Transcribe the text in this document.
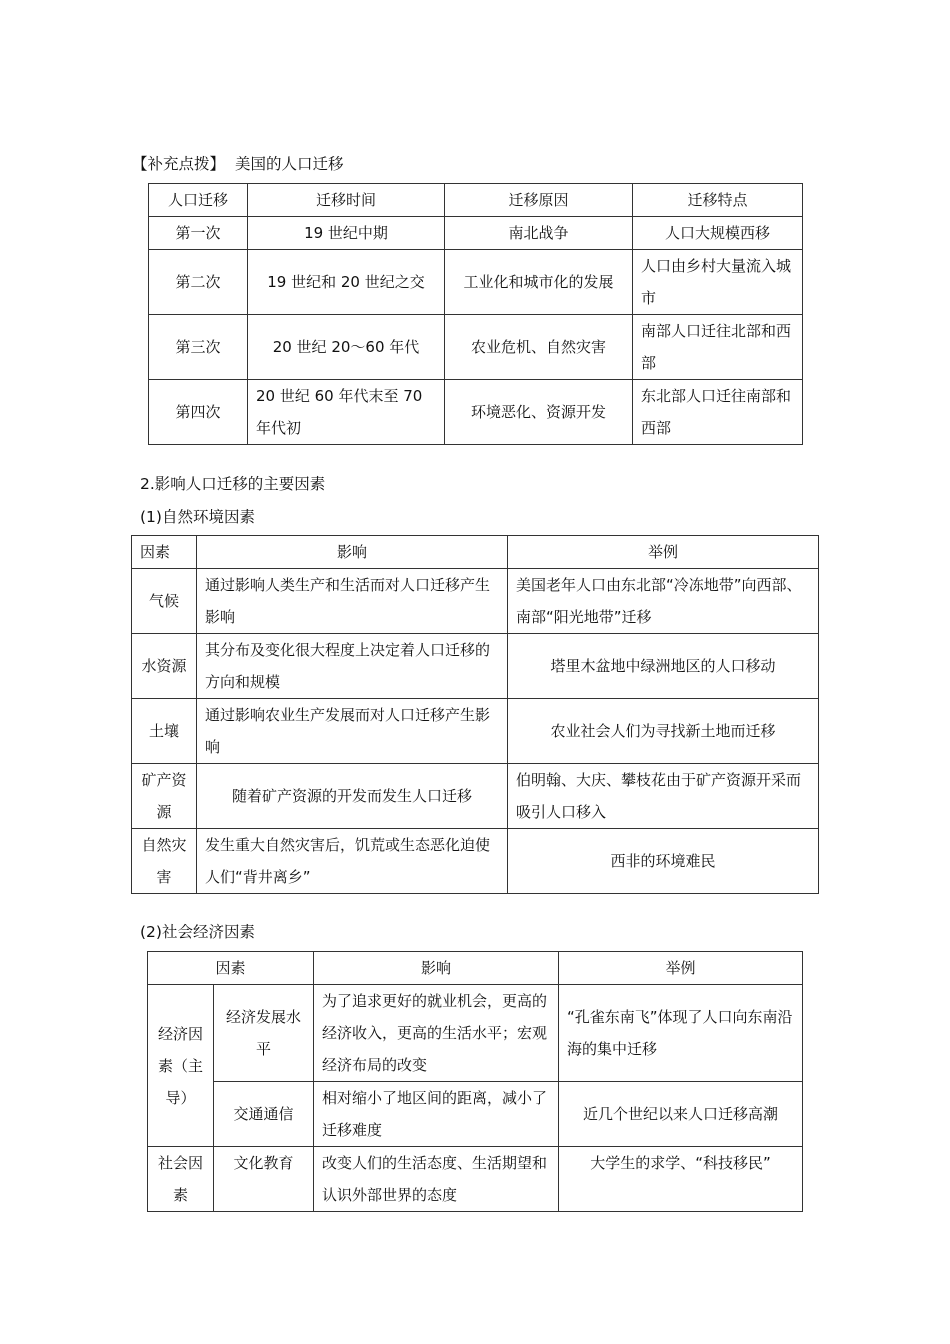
【补充点拨】 美国的人口迁移
人口迁移	迁移时间	迁移原因	迁移特点
第一次	19 世纪中期	南北战争	人口大规模西移
第二次	19 世纪和 20 世纪之交	工业化和城市化的发展	人口由乡村大量流入城市
第三次	20 世纪 20～60 年代	农业危机、自然灾害	南部人口迁往北部和西部
第四次	20 世纪 60 年代末至 70 年代初	环境恶化、资源开发	东北部人口迁往南部和西部
2.影响人口迁移的主要因素
(1)自然环境因素
因素	影响	举例
气候	通过影响人类生产和生活而对人口迁移产生影响	美国老年人口由东北部“冷冻地带”向西部、南部“阳光地带”迁移
水资源	其分布及变化很大程度上决定着人口迁移的方向和规模	塔里木盆地中绿洲地区的人口移动
土壤	通过影响农业生产发展而对人口迁移产生影响	农业社会人们为寻找新土地而迁移
矿产资源	随着矿产资源的开发而发生人口迁移	伯明翰、大庆、攀枝花由于矿产资源开采而吸引人口移入
自然灾害	发生重大自然灾害后，饥荒或生态恶化迫使人们“背井离乡”	西非的环境难民
(2)社会经济因素
因素		影响	举例
经济因素（主导）	经济发展水平	为了追求更好的就业机会，更高的经济收入，更高的生活水平；宏观经济布局的改变	“孔雀东南飞”体现了人口向东南沿海的集中迁移
	交通通信	相对缩小了地区间的距离，减小了迁移难度	近几个世纪以来人口迁移高潮
社会因素	文化教育	改变人们的生活态度、生活期望和认识外部世界的态度	大学生的求学、“科技移民”
